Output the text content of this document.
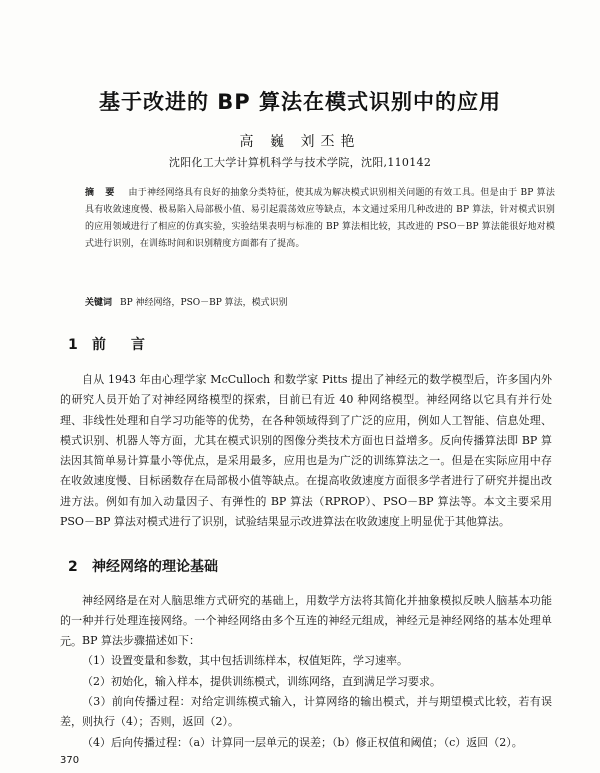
基于改进的 BP 算法在模式识别中的应用
高 巍 刘丕艳
沈阳化工大学计算机科学与技术学院，沈阳,110142
摘 要 由于神经网络具有良好的抽象分类特征，使其成为解决模式识别相关问题的有效工具。但是由于 BP 算法具有收敛速度慢、极易陷入局部极小值、易引起震荡效应等缺点，本文通过采用几种改进的 BP 算法，针对模式识别的应用领域进行了相应的仿真实验，实验结果表明与标准的 BP 算法相比较，其改进的 PSO－BP 算法能很好地对模式进行识别，在训练时间和识别精度方面都有了提高。
关键词 BP 神经网络，PSO－BP 算法，模式识别
1 前 言
自从 1943 年由心理学家 McCulloch 和数学家 Pitts 提出了神经元的数学模型后，许多国内外的研究人员开始了对神经网络模型的探索，目前已有近 40 种网络模型。神经网络以它具有并行处理、非线性处理和自学习功能等的优势，在各种领域得到了广泛的应用，例如人工智能、信息处理、模式识别、机器人等方面，尤其在模式识别的图像分类技术方面也日益增多。反向传播算法即 BP 算法因其简单易计算量小等优点，是采用最多，应用也是为广泛的训练算法之一。但是在实际应用中存在收敛速度慢、目标函数存在局部极小值等缺点。在提高收敛速度方面很多学者进行了研究并提出改进方法。例如有加入动量因子、有弹性的 BP 算法（RPROP）、PSO－BP 算法等。本文主要采用 PSO－BP 算法对模式进行了识别，试验结果显示改进算法在收敛速度上明显优于其他算法。
2 神经网络的理论基础
神经网络是在对人脑思维方式研究的基础上，用数学方法将其简化并抽象模拟反映人脑基本功能的一种并行处理连接网络。一个神经网络由多个互连的神经元组成，神经元是神经网络的基本处理单元。 BP 算法步骤描述如下：
（1）设置变量和参数，其中包括训练样本，权值矩阵，学习速率。
（2）初始化，输入样本，提供训练模式，训练网络，直到满足学习要求。
（3）前向传播过程：对给定训练模式输入，计算网络的输出模式，并与期望模式比较，若有误差，则执行（4）；否则，返回（2）。
（4）后向传播过程：（a）计算同一层单元的误差；（b）修正权值和阈值；（c）返回（2）。
370
